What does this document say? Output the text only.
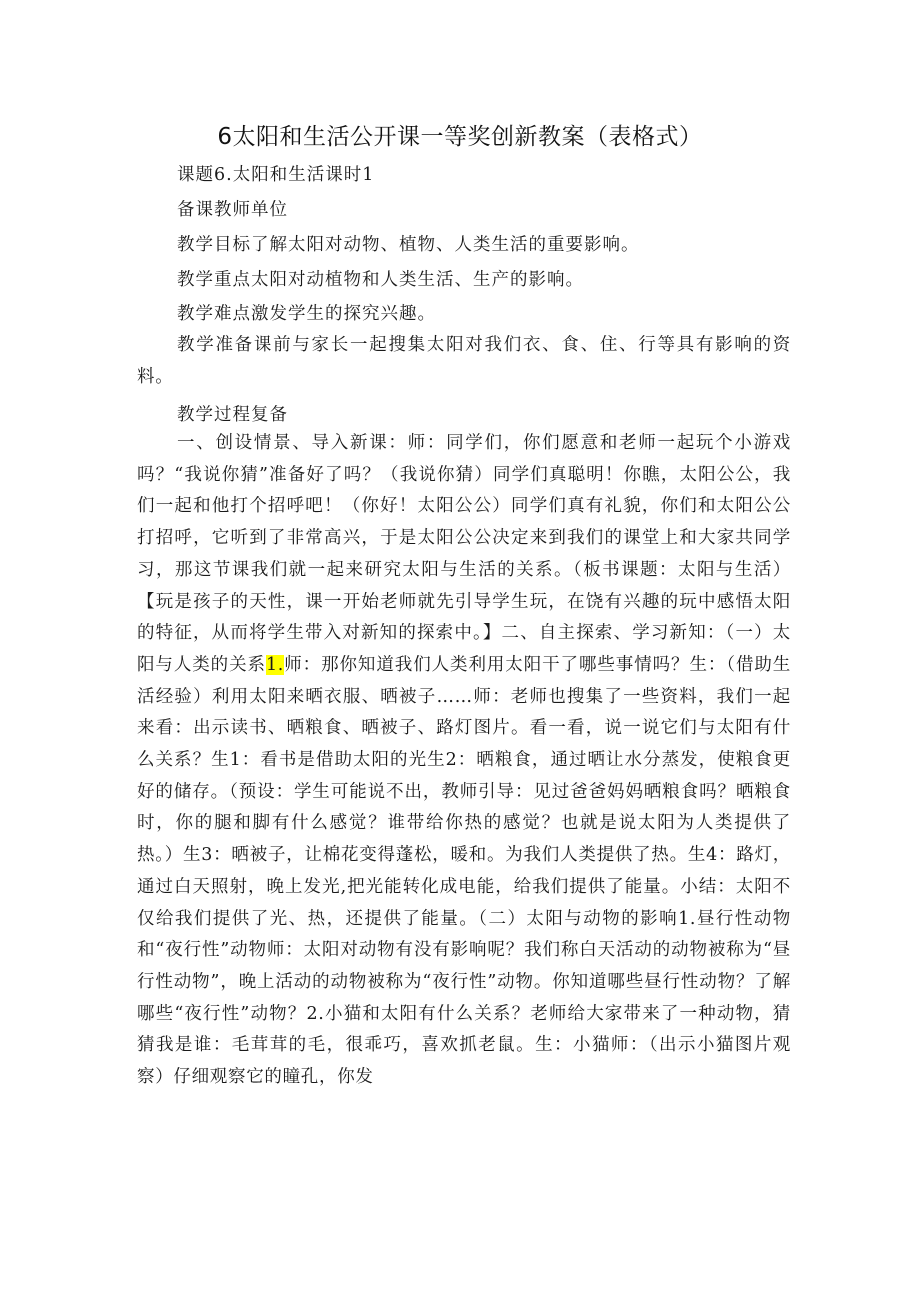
6太阳和生活公开课一等奖创新教案（表格式）
课题6.太阳和生活课时1
备课教师单位
教学目标了解太阳对动物、植物、人类生活的重要影响。
教学重点太阳对动植物和人类生活、生产的影响。
教学难点激发学生的探究兴趣。
教学准备课前与家长一起搜集太阳对我们衣、食、住、行等具有影响的资料。
教学过程复备
一、创设情景、导入新课：师：同学们，你们愿意和老师一起玩个小游戏吗？“我说你猜”准备好了吗？（我说你猜）同学们真聪明！你瞧，太阳公公，我们一起和他打个招呼吧！（你好！太阳公公）同学们真有礼貌，你们和太阳公公打招呼，它听到了非常高兴，于是太阳公公决定来到我们的课堂上和大家共同学习，那这节课我们就一起来研究太阳与生活的关系。（板书课题：太阳与生活）【玩是孩子的天性，课一开始老师就先引导学生玩，在饶有兴趣的玩中感悟太阳的特征，从而将学生带入对新知的探索中。】二、自主探索、学习新知：（一）太阳与人类的关系1.师：那你知道我们人类利用太阳干了哪些事情吗？生：（借助生活经验）利用太阳来晒衣服、晒被子……师：老师也搜集了一些资料，我们一起来看：出示读书、晒粮食、晒被子、路灯图片。看一看，说一说它们与太阳有什么关系？生1：看书是借助太阳的光生2：晒粮食，通过晒让水分蒸发，使粮食更好的储存。（预设：学生可能说不出，教师引导：见过爸爸妈妈晒粮食吗？晒粮食时，你的腿和脚有什么感觉？谁带给你热的感觉？也就是说太阳为人类提供了热。）生3：晒被子，让棉花变得蓬松，暖和。为我们人类提供了热。生4：路灯，通过白天照射，晚上发光,把光能转化成电能，给我们提供了能量。小结：太阳不仅给我们提供了光、热，还提供了能量。（二）太阳与动物的影响1.昼行性动物和“夜行性”动物师：太阳对动物有没有影响呢？我们称白天活动的动物被称为“昼行性动物”，晚上活动的动物被称为“夜行性”动物。你知道哪些昼行性动物？了解哪些“夜行性”动物？2.小猫和太阳有什么关系？老师给大家带来了一种动物，猜猜我是谁：毛茸茸的毛，很乖巧，喜欢抓老鼠。生：小猫师：（出示小猫图片观察）仔细观察它的瞳孔，你发
